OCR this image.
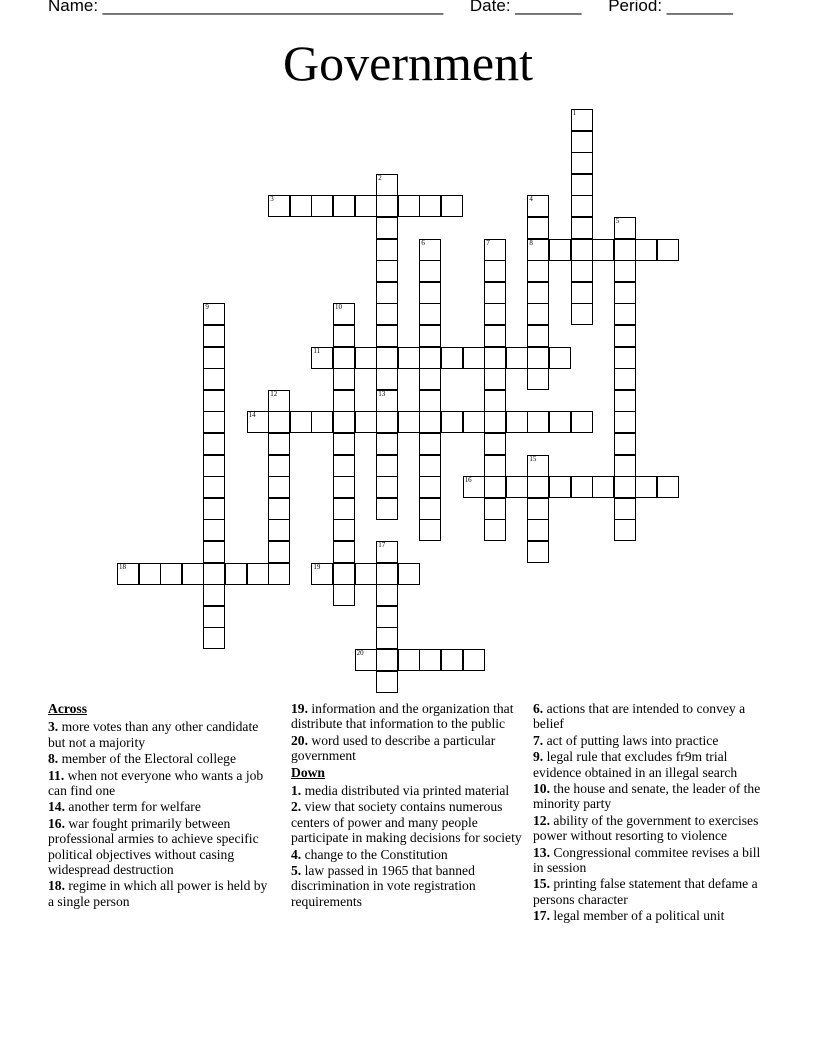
Name: ____________________________________ Date: _______ Period: _______
Government
1
2
3	4
8
5
6	7
9	10
11
12	13
14
15
16
17
18	19
20
Across
3. more votes than any other candidate but not a majority
8. member of the Electoral college
11. when not everyone who wants a job can find one
14. another term for welfare
16. war fought primarily between professional armies to achieve specific political objectives without casing widespread destruction
18. regime in which all power is held by a single person
19. information and the organization that distribute that information to the public
20. word used to describe a particular government
Down
1. media distributed via printed material
2. view that society contains numerous centers of power and many people participate in making decisions for society
4. change to the Constitution
5. law passed in 1965 that banned discrimination in vote registration requirements
6. actions that are intended to convey a belief
7. act of putting laws into practice
9. legal rule that excludes fr9m trial evidence obtained in an illegal search
10. the house and senate, the leader of the minority party
12. ability of the government to exercises power without resorting to violence
13. Congressional commitee revises a bill in session
15. printing false statement that defame a persons character
17. legal member of a political unit
